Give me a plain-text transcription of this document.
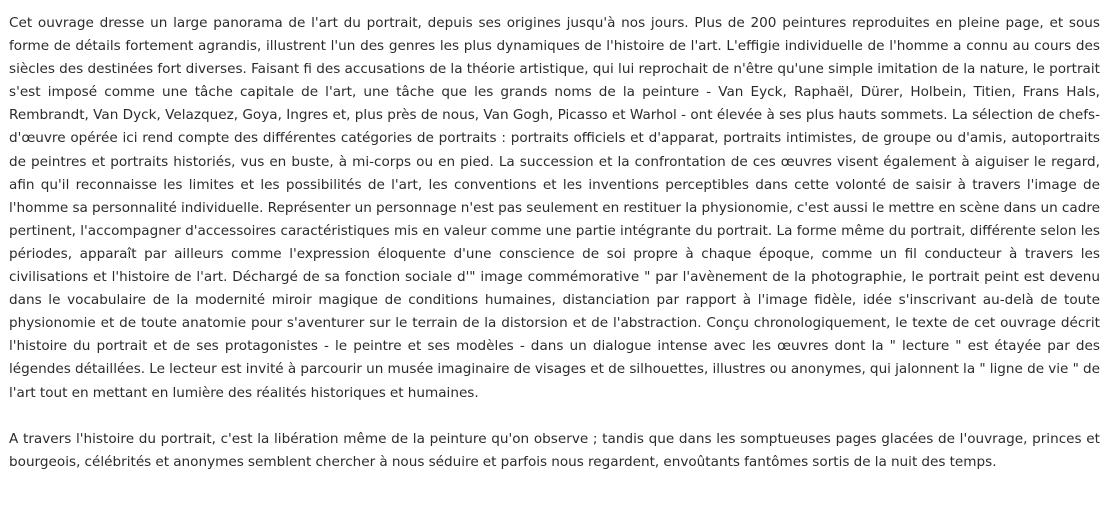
Cet ouvrage dresse un large panorama de l'art du portrait, depuis ses origines jusqu'à nos jours. Plus de 200 peintures reproduites en pleine page, et sous forme de détails fortement agrandis, illustrent l'un des genres les plus dynamiques de l'histoire de l'art. L'effigie individuelle de l'homme a connu au cours des siècles des destinées fort diverses. Faisant fi des accusations de la théorie artistique, qui lui reprochait de n'être qu'une simple imitation de la nature, le portrait s'est imposé comme une tâche capitale de l'art, une tâche que les grands noms de la peinture - Van Eyck, Raphaël, Dürer, Holbein, Titien, Frans Hals, Rembrandt, Van Dyck, Velazquez, Goya, Ingres et, plus près de nous, Van Gogh, Picasso et Warhol - ont élevée à ses plus hauts sommets. La sélection de chefs-d'œuvre opérée ici rend compte des différentes catégories de portraits : portraits officiels et d'apparat, portraits intimistes, de groupe ou d'amis, autoportraits de peintres et portraits historiés, vus en buste, à mi-corps ou en pied. La succession et la confrontation de ces œuvres visent également à aiguiser le regard, afin qu'il reconnaisse les limites et les possibilités de l'art, les conventions et les inventions perceptibles dans cette volonté de saisir à travers l'image de l'homme sa personnalité individuelle. Représenter un personnage n'est pas seulement en restituer la physionomie, c'est aussi le mettre en scène dans un cadre pertinent, l'accompagner d'accessoires caractéristiques mis en valeur comme une partie intégrante du portrait. La forme même du portrait, différente selon les périodes, apparaît par ailleurs comme l'expression éloquente d'une conscience de soi propre à chaque époque, comme un fil conducteur à travers les civilisations et l'histoire de l'art. Déchargé de sa fonction sociale d'" image commémorative " par l'avènement de la photographie, le portrait peint est devenu dans le vocabulaire de la modernité miroir magique de conditions humaines, distanciation par rapport à l'image fidèle, idée s'inscrivant au-delà de toute physionomie et de toute anatomie pour s'aventurer sur le terrain de la distorsion et de l'abstraction. Conçu chronologiquement, le texte de cet ouvrage décrit l'histoire du portrait et de ses protagonistes - le peintre et ses modèles - dans un dialogue intense avec les œuvres dont la " lecture " est étayée par des légendes détaillées. Le lecteur est invité à parcourir un musée imaginaire de visages et de silhouettes, illustres ou anonymes, qui jalonnent la " ligne de vie " de l'art tout en mettant en lumière des réalités historiques et humaines.

A travers l'histoire du portrait, c'est la libération même de la peinture qu'on observe ; tandis que dans les somptueuses pages glacées de l'ouvrage, princes et bourgeois, célébrités et anonymes semblent chercher à nous séduire et parfois nous regardent, envoûtants fantômes sortis de la nuit des temps.
